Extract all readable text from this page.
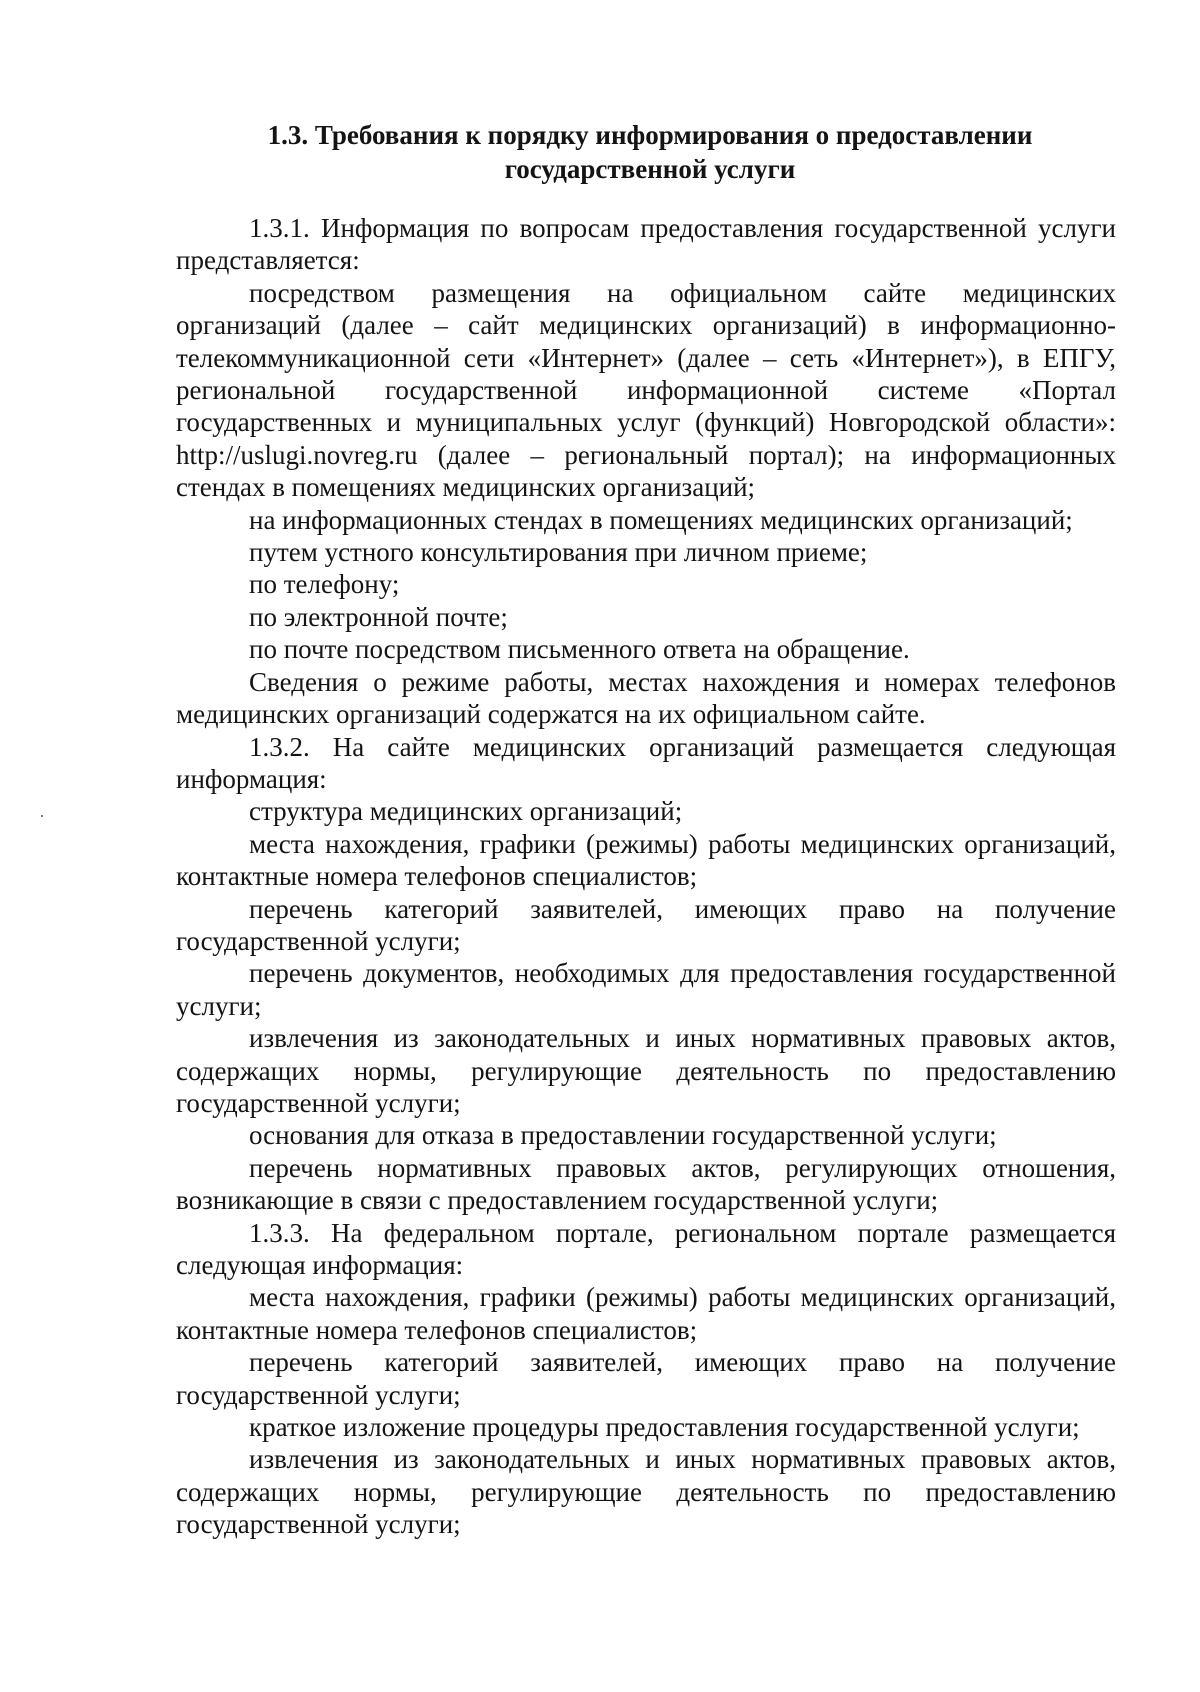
1.3. Требования к порядку информирования о предоставлении
государственной услуги

1.3.1. Информация по вопросам предоставления государственной услуги представляется:

посредством размещения на официальном сайте медицинских организаций (далее – сайт медицинских организаций) в информационно-телекоммуникационной сети «Интернет» (далее – сеть «Интернет»), в ЕПГУ, региональной государственной информационной системе «Портал государственных и муниципальных услуг (функций) Новгородской области»: http://uslugi.novreg.ru (далее – региональный портал); на информационных стендах в помещениях медицинских организаций;

на информационных стендах в помещениях медицинских организаций;

путем устного консультирования при личном приеме;

по телефону;

по электронной почте;

по почте посредством письменного ответа на обращение.

Сведения о режиме работы, местах нахождения и номерах телефонов медицинских организаций содержатся на их официальном сайте.

1.3.2. На сайте медицинских организаций размещается следующая информация:

структура медицинских организаций;

места нахождения, графики (режимы) работы медицинских организаций, контактные номера телефонов специалистов;

перечень категорий заявителей, имеющих право на получение государственной услуги;

перечень документов, необходимых для предоставления государственной услуги;

извлечения из законодательных и иных нормативных правовых актов, содержащих нормы, регулирующие деятельность по предоставлению государственной услуги;

основания для отказа в предоставлении государственной услуги;

перечень нормативных правовых актов, регулирующих отношения, возникающие в связи с предоставлением государственной услуги;

1.3.3. На федеральном портале, региональном портале размещается следующая информация:

места нахождения, графики (режимы) работы медицинских организаций, контактные номера телефонов специалистов;

перечень категорий заявителей, имеющих право на получение государственной услуги;

краткое изложение процедуры предоставления государственной услуги;

извлечения из законодательных и иных нормативных правовых актов, содержащих нормы, регулирующие деятельность по предоставлению государственной услуги;
